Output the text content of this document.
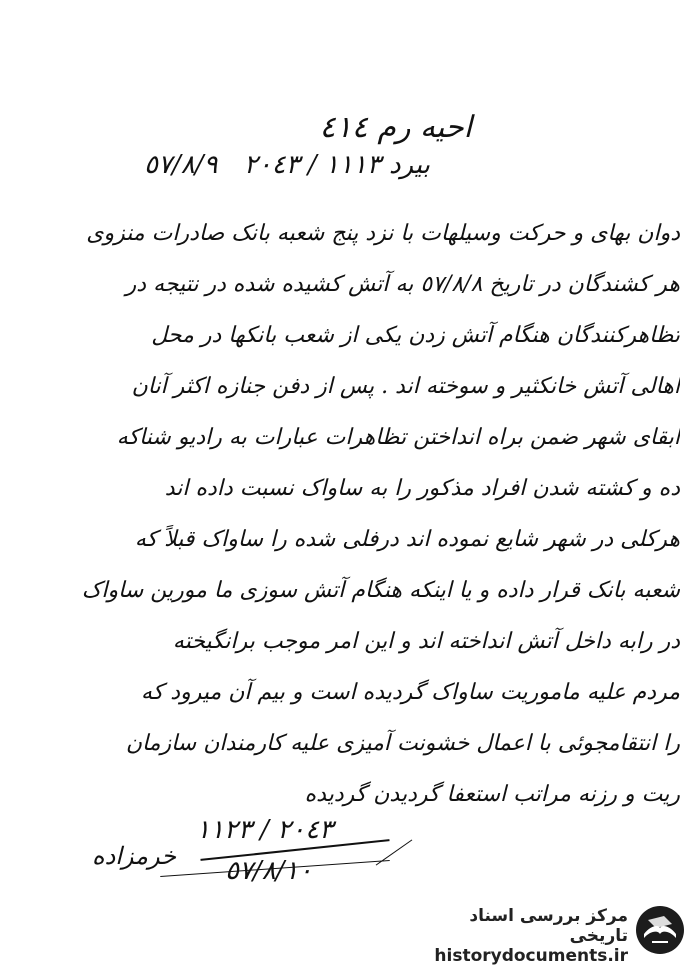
احیه رم ٤١٤
بیرد ١١١٣ / ٢٠٤٣ ٥٧/٨/٩
دوان بهای و حرکت وسیلهات با نزد پنج شعبه بانک صادرات منزوی
هر کشندگان در تاریخ ٥٧/٨/٨ به آتش کشیده شده در نتیجه در
تظاهرکنندگان هنگام آتش زدن یکی از شعب بانکها در محل
اهالی آتش خانکثیر و سوخته اند . پس از دفن جنازه اکثر آنان
ابقای شهر ضمن براه انداختن تظاهرات عبارات به رادیو شناکه
ده و کشته شدن افراد مذکور را به ساواک نسبت داده اند
هرکلی در شهر شایع نموده اند درفلی شده را ساواک قبلاً که
شعبه بانک قرار داده و یا اینکه هنگام آتش سوزی ما مورین ساواک
در رابه داخل آتش انداخته اند و این امر موجب برانگیخته
مردم علیه ماموریت ساواک گردیده است و بیم آن میرود که
را انتقامجوئی با اعمال خشونت آمیزی علیه کارمندان سازمان
ریت و رزنه مراتب استعفا گردیدن گردیده
٢٠٤٣ / ١١٢٣
٥٧/٨/١٠
خرمزاده
مرکز بررسی اسناد تاریخی
historydocuments.ir
